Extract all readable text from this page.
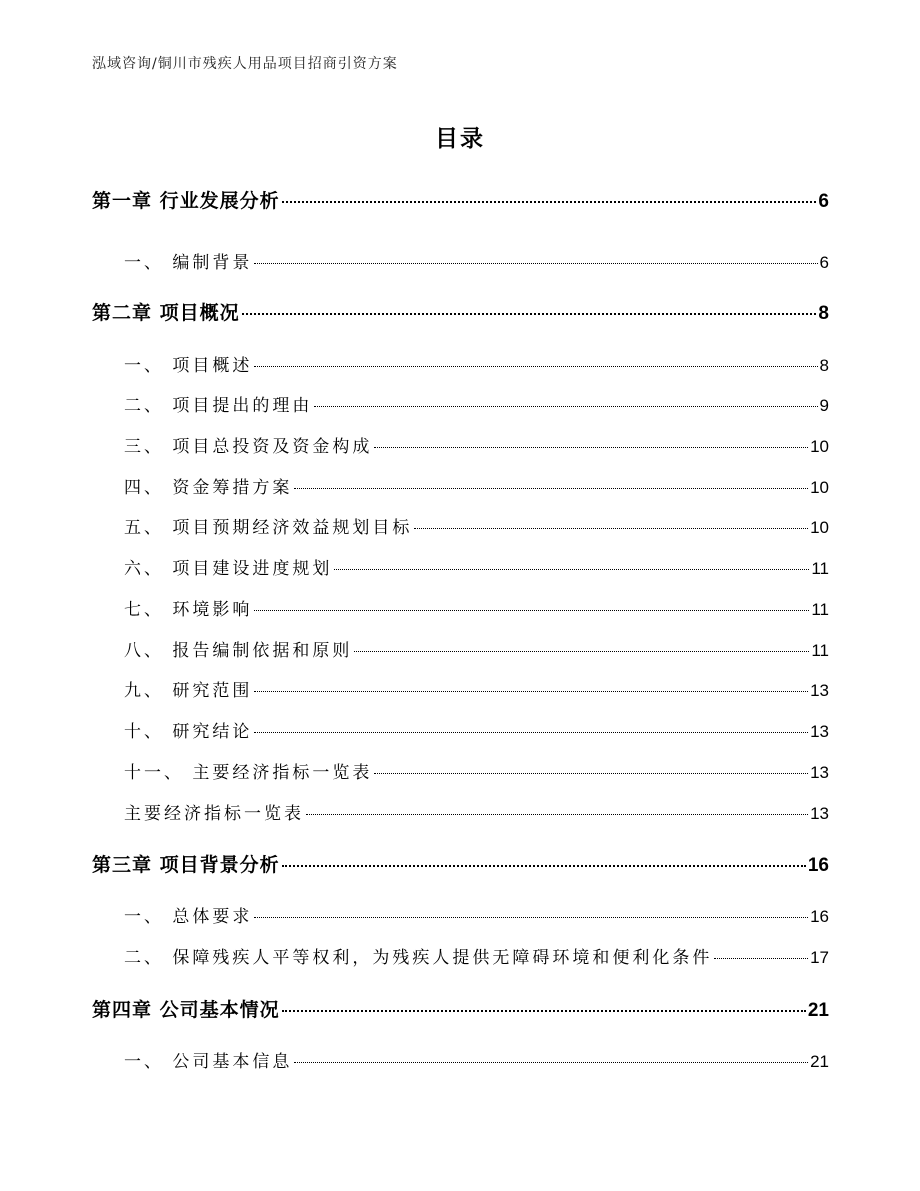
泓域咨询/铜川市残疾人用品项目招商引资方案
目录
第一章 行业发展分析	6
一、 编制背景	6
第二章 项目概况	8
一、 项目概述	8
二、 项目提出的理由	9
三、 项目总投资及资金构成	10
四、 资金筹措方案	10
五、 项目预期经济效益规划目标	10
六、 项目建设进度规划	11
七、 环境影响	11
八、 报告编制依据和原则	11
九、 研究范围	13
十、 研究结论	13
十一、 主要经济指标一览表	13
主要经济指标一览表	13
第三章 项目背景分析	16
一、 总体要求	16
二、 保障残疾人平等权利，为残疾人提供无障碍环境和便利化条件	17
第四章 公司基本情况	21
一、 公司基本信息	21
